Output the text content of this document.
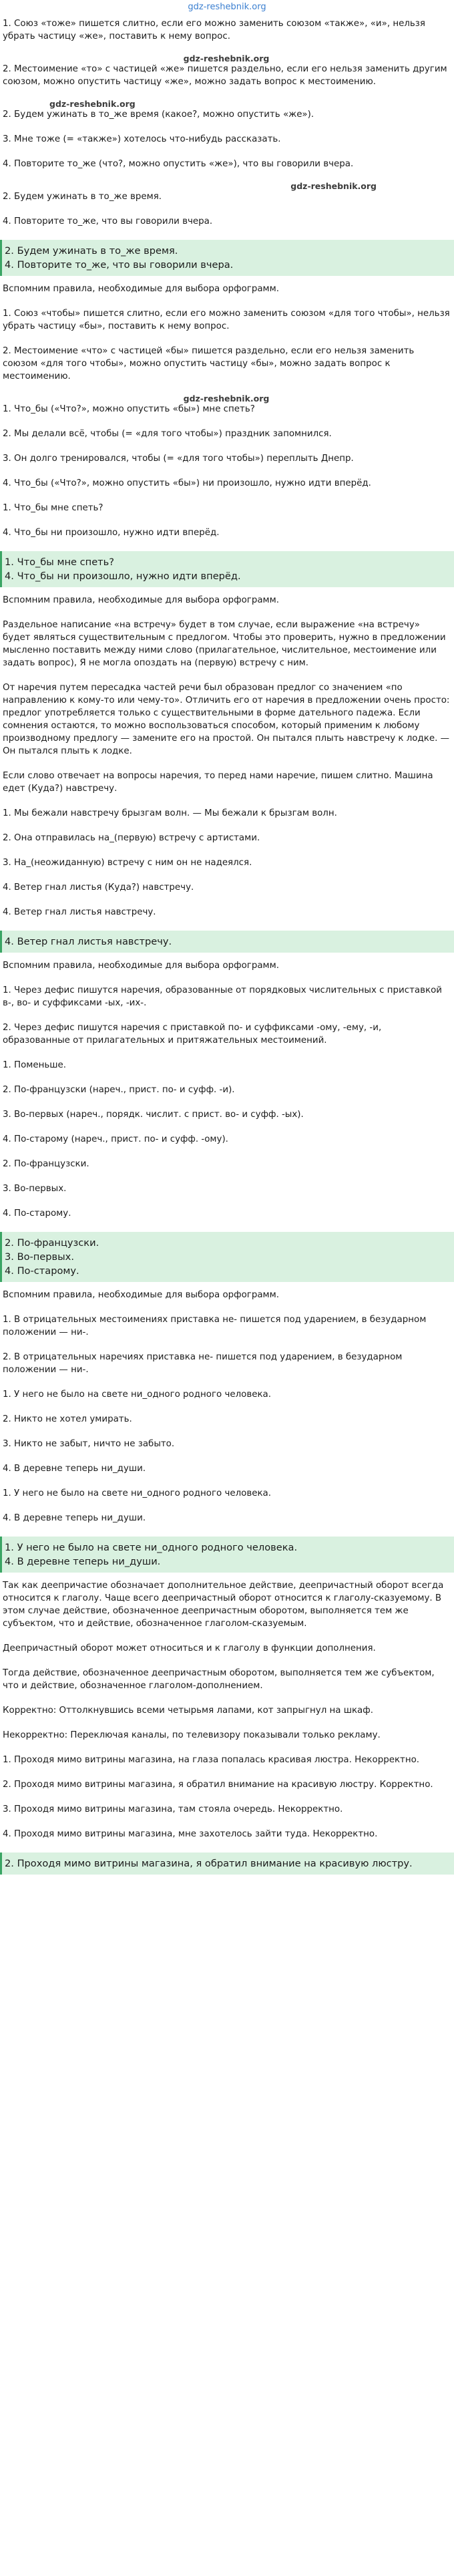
gdz-reshebnik.org

1. Союз «тоже» пишется слитно, если его можно заменить союзом «также», «и», нельзя убрать частицу «же», поставить к нему вопрос.

gdz-reshebnik.org

2. Местоимение «то» с частицей «же» пишется раздельно, если его нельзя заменить другим союзом, можно опустить частицу «же», можно задать вопрос к местоимению.

gdz-reshebnik.org

2. Будем ужинать в то_же время (какое?, можно опустить «же»).

3. Мне тоже (= «также») хотелось что-нибудь рассказать.

4. Повторите то_же (что?, можно опустить «же»), что вы говорили вчера.

gdz-reshebnik.org

2. Будем ужинать в то_же время.

4. Повторите то_же, что вы говорили вчера.

2. Будем ужинать в то_же время.

4. Повторите то_же, что вы говорили вчера.

Вспомним правила, необходимые для выбора орфограмм.

1. Союз «чтобы» пишется слитно, если его можно заменить союзом «для того чтобы», нельзя убрать частицу «бы», поставить к нему вопрос.

2. Местоимение «что» с частицей «бы» пишется раздельно, если его нельзя заменить союзом «для того чтобы», можно опустить частицу «бы», можно задать вопрос к местоимению.

gdz-reshebnik.org

1. Что_бы («Что?», можно опустить «бы») мне спеть?

2. Мы делали всё, чтобы (= «для того чтобы») праздник запомнился.

3. Он долго тренировался, чтобы (= «для того чтобы») переплыть Днепр.

4. Что_бы («Что?», можно опустить «бы») ни произошло, нужно идти вперёд.

1. Что_бы мне спеть?

4. Что_бы ни произошло, нужно идти вперёд.

1. Что_бы мне спеть?

4. Что_бы ни произошло, нужно идти вперёд.

Вспомним правила, необходимые для выбора орфограмм.

Раздельное написание «на встречу» будет в том случае, если выражение «на встречу» будет являться существительным с предлогом. Чтобы это проверить, нужно в предложении мысленно поставить между ними слово (прилагательное, числительное, местоимение или задать вопрос), Я не могла опоздать на (первую) встречу с ним.

От наречия путем пересадка частей речи был образован предлог со значением «по направлению к кому-то или чему-то». Отличить его от наречия в предложении очень просто: предлог употребляется только с существительными в форме дательного падежа. Если сомнения остаются, то можно воспользоваться способом, который применим к любому производному предлогу — замените его на простой. Он пытался плыть навстречу к лодке. — Он пытался плыть к лодке.

Если слово отвечает на вопросы наречия, то перед нами наречие, пишем слитно. Машина едет (Куда?) навстречу.

1. Мы бежали навстречу брызгам волн. — Мы бежали к брызгам волн.

2. Она отправилась на_(первую) встречу с артистами.

3. На_(неожиданную) встречу с ним он не надеялся.

4. Ветер гнал листья (Куда?) навстречу.

4. Ветер гнал листья навстречу.

4. Ветер гнал листья навстречу.

Вспомним правила, необходимые для выбора орфограмм.

1. Через дефис пишутся наречия, образованные от порядковых числительных с приставкой в-, во- и суффиксами -ых, -их-.

2. Через дефис пишутся наречия с приставкой по- и суффиксами -ому, -ему, -и, образованные от прилагательных и притяжательных местоимений.

1. Поменьше.

2. По-французски (нареч., прист. по- и суфф. -и).

3. Во-первых (нареч., порядк. числит. с прист. во- и суфф. -ых).

4. По-старому (нареч., прист. по- и суфф. -ому).

2. По-французски.

3. Во-первых.

4. По-старому.

2. По-французски.

3. Во-первых.

4. По-старому.

Вспомним правила, необходимые для выбора орфограмм.

1. В отрицательных местоимениях приставка не- пишется под ударением, в безударном положении — ни-.

2. В отрицательных наречиях приставка не- пишется под ударением, в безударном положении — ни-.

1. У него не было на свете ни_одного родного человека.

2. Никто не хотел умирать.

3. Никто не забыт, ничто не забыто.

4. В деревне теперь ни_души.

1. У него не было на свете ни_одного родного человека.

4. В деревне теперь ни_души.

1. У него не было на свете ни_одного родного человека.

4. В деревне теперь ни_души.

Так как деепричастие обозначает дополнительное действие, деепричастный оборот всегда относится к глаголу. Чаще всего деепричастный оборот относится к глаголу-сказуемому. В этом случае действие, обозначенное деепричастным оборотом, выполняется тем же субъектом, что и действие, обозначенное глаголом-сказуемым.

Деепричастный оборот может относиться и к глаголу в функции дополнения.

Тогда действие, обозначенное деепричастным оборотом, выполняется тем же субъектом, что и действие, обозначенное глаголом-дополнением.

Корректно: Оттолкнувшись всеми четырьмя лапами, кот запрыгнул на шкаф.

Некорректно: Переключая каналы, по телевизору показывали только рекламу.

1. Проходя мимо витрины магазина, на глаза попалась красивая люстра. Некорректно.

2. Проходя мимо витрины магазина, я обратил внимание на красивую люстру. Корректно.

3. Проходя мимо витрины магазина, там стояла очередь. Некорректно.

4. Проходя мимо витрины магазина, мне захотелось зайти туда. Некорректно.

2. Проходя мимо витрины магазина, я обратил внимание на красивую люстру.
